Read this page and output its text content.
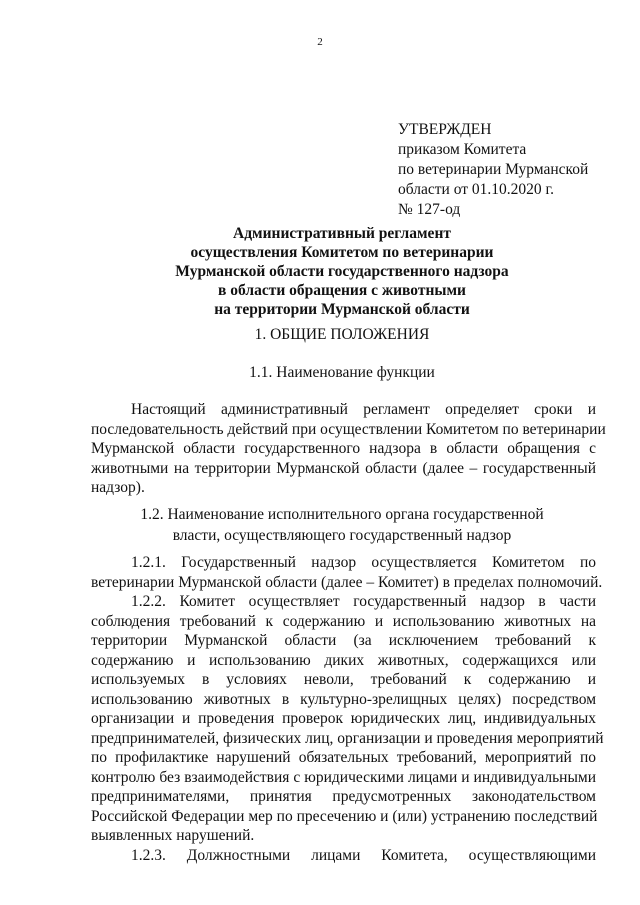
2
УТВЕРЖДЕН
приказом Комитета
по ветеринарии Мурманской
области от 01.10.2020 г.
№ 127-од
Административный регламент
осуществления Комитетом по ветеринарии
Мурманской области государственного надзора
в области обращения с животными
на территории Мурманской области
1. ОБЩИЕ ПОЛОЖЕНИЯ
1.1. Наименование функции
Настоящий административный регламент определяет сроки и
последовательность действий при осуществлении Комитетом по ветеринарии
Мурманской области государственного надзора в области обращения с
животными на территории Мурманской области (далее – государственный
надзор).
1.2. Наименование исполнительного органа государственной
власти, осуществляющего государственный надзор
1.2.1. Государственный надзор осуществляется Комитетом по
ветеринарии Мурманской области (далее – Комитет) в пределах полномочий.
1.2.2. Комитет осуществляет государственный надзор в части
соблюдения требований к содержанию и использованию животных на
территории Мурманской области (за исключением требований к
содержанию и использованию диких животных, содержащихся или
используемых в условиях неволи, требований к содержанию и
использованию животных в культурно-зрелищных целях) посредством
организации и проведения проверок юридических лиц, индивидуальных
предпринимателей, физических лиц, организации и проведения мероприятий
по профилактике нарушений обязательных требований, мероприятий по
контролю без взаимодействия с юридическими лицами и индивидуальными
предпринимателями, принятия предусмотренных законодательством
Российской Федерации мер по пресечению и (или) устранению последствий
выявленных нарушений.
1.2.3. Должностными лицами Комитета, осуществляющими
